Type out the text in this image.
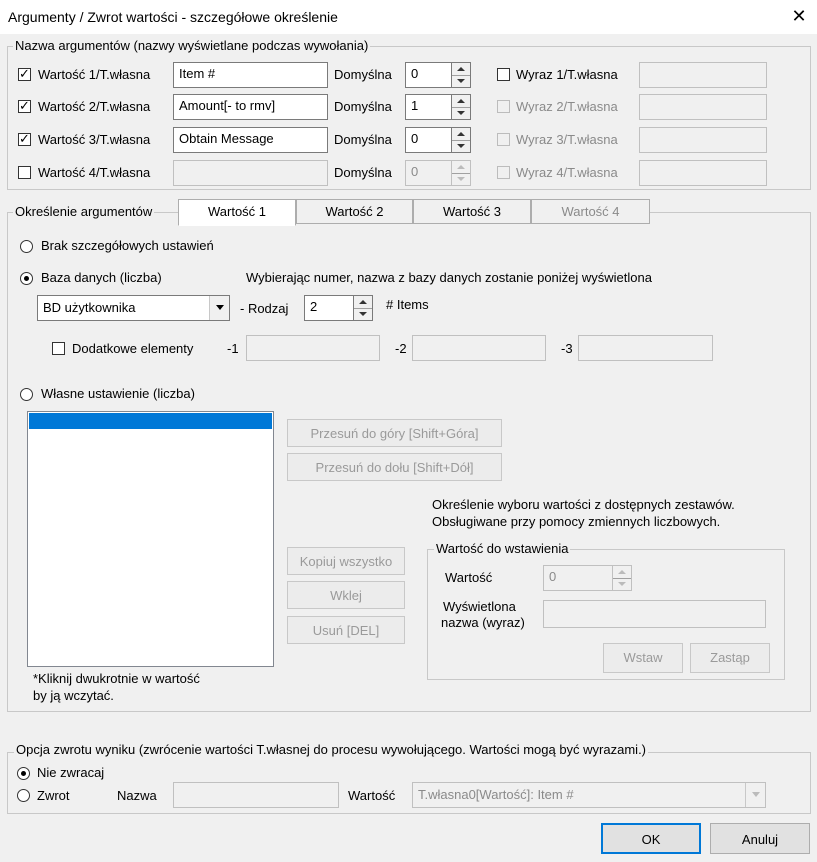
Argumenty / Zwrot wartości - szczegółowe określenie	✕
Nazwa argumentów (nazwy wyświetlane podczas wywołania)
✓ Wartość 1/T.własna	Item #	Domyślna	0	Wyraz 1/T.własna
✓ Wartość 2/T.własna	Amount[- to rmv]	Domyślna	1	Wyraz 2/T.własna
✓ Wartość 3/T.własna	Obtain Message	Domyślna	0	Wyraz 3/T.własna
Wartość 4/T.własna	Domyślna	0	Wyraz 4/T.własna
Określenie argumentów	Wartość 1	Wartość 2	Wartość 3	Wartość 4
Brak szczegółowych ustawień
Baza danych (liczba)	Wybierając numer, nazwa z bazy danych zostanie poniżej wyświetlona
BD użytkownika	- Rodzaj	2	# Items
Dodatkowe elementy	-1	-2	-3
Własne ustawienie (liczba)
Przesuń do góry [Shift+Góra]
Przesuń do dołu [Shift+Dół]
Określenie wyboru wartości z dostępnych zestawów.
Obsługiwane przy pomocy zmiennych liczbowych.
Kopiuj wszystko
Wklej
Usuń [DEL]
*Kliknij dwukrotnie w wartość
by ją wczytać.
Wartość do wstawienia
Wartość	0
Wyświetlona
nazwa (wyraz)
Wstaw	Zastąp
Opcja zwrotu wyniku (zwrócenie wartości T.własnej do procesu wywołującego. Wartości mogą być wyrazami.)
Nie zwracaj
Zwrot	Nazwa	Wartość	T.własna0[Wartość]: Item #
OK	Anuluj
